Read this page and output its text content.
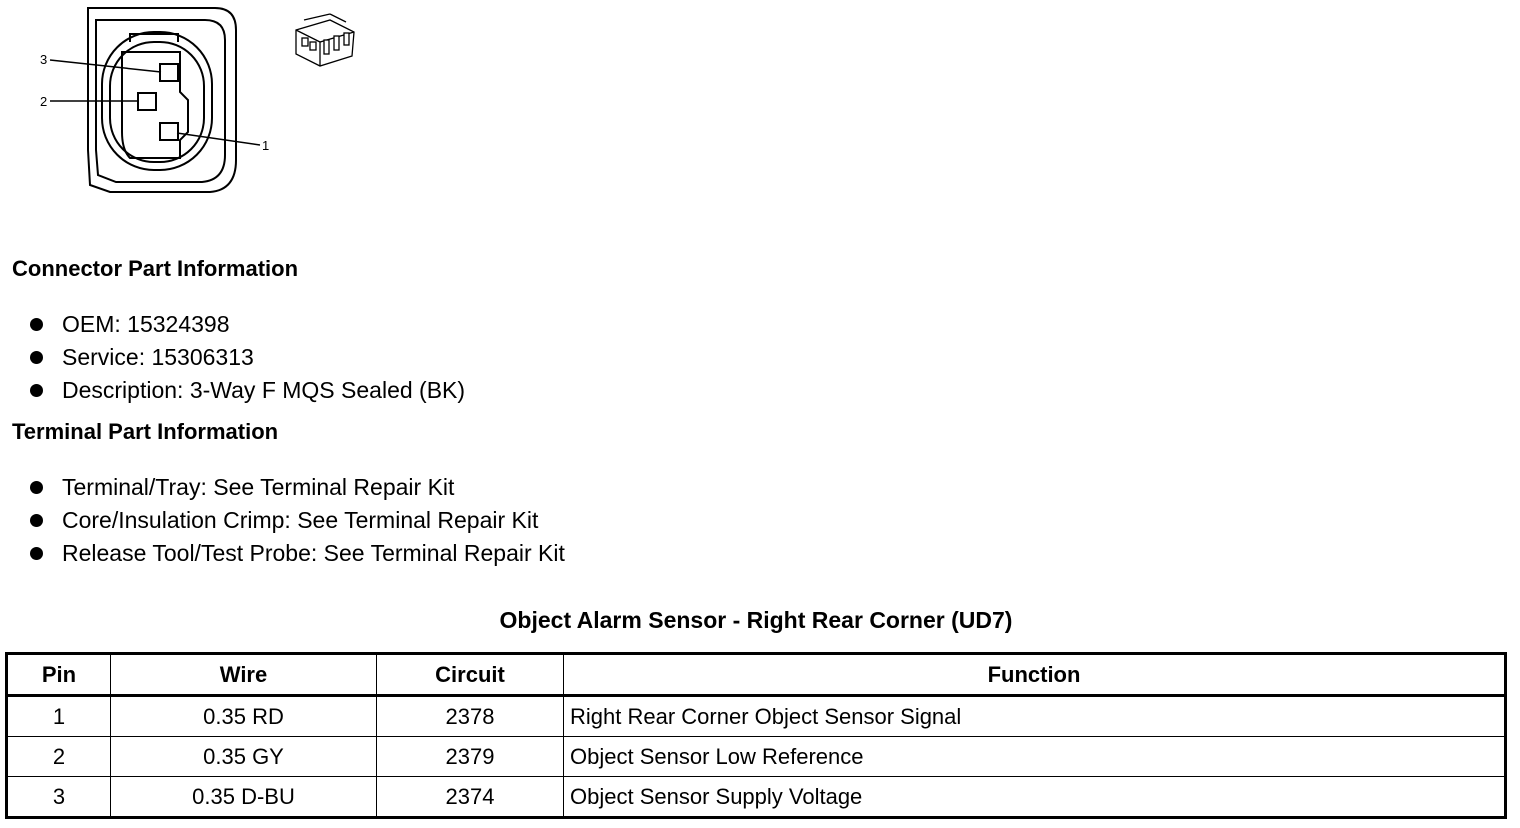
3
2
1
Connector Part Information
OEM: 15324398
Service: 15306313
Description: 3-Way F MQS Sealed (BK)
Terminal Part Information
Terminal/Tray: See Terminal Repair Kit
Core/Insulation Crimp: See Terminal Repair Kit
Release Tool/Test Probe: See Terminal Repair Kit
Object Alarm Sensor - Right Rear Corner (UD7)
Pin	Wire	Circuit	Function
1	0.35 RD	2378	Right Rear Corner Object Sensor Signal
2	0.35 GY	2379	Object Sensor Low Reference
3	0.35 D-BU	2374	Object Sensor Supply Voltage
